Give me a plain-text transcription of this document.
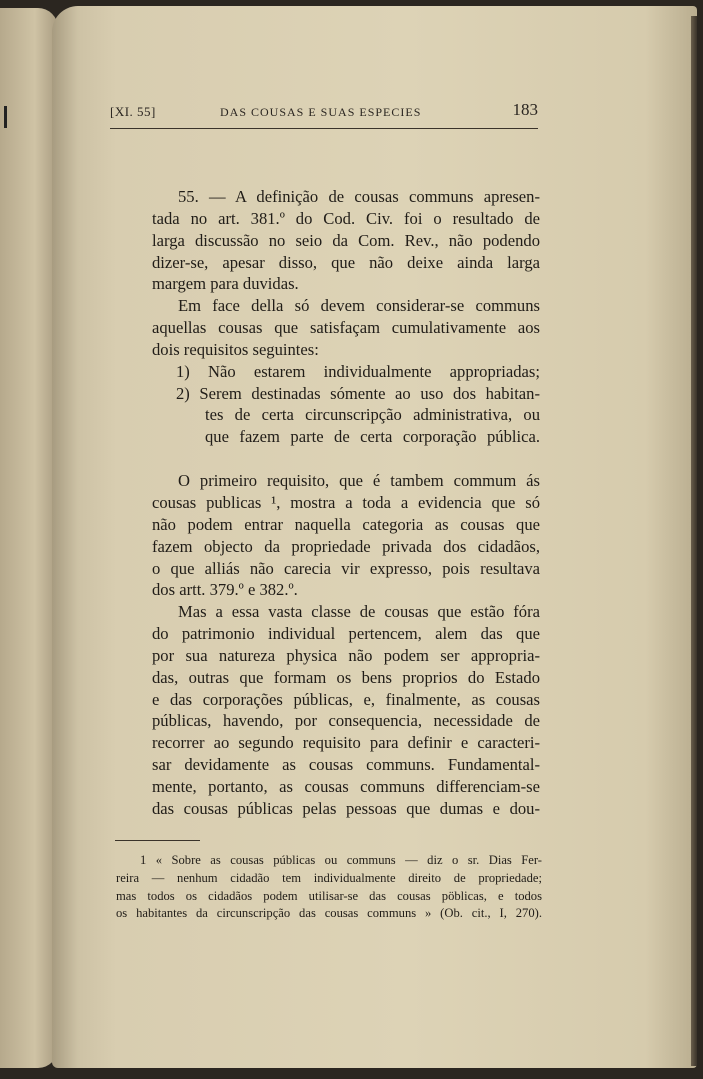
[XI. 55]	DAS COUSAS E SUAS ESPECIES	183
55. — A definição de cousas communs apresen-
tada no art. 381.º do Cod. Civ. foi o resultado de
larga discussão no seio da Com. Rev., não podendo
dizer-se, apesar disso, que não deixe ainda larga
margem para duvidas.
Em face della só devem considerar-se communs
aquellas cousas que satisfaçam cumulativamente aos
dois requisitos seguintes:
1) Não estarem individualmente appropriadas;
2) Serem destinadas sómente ao uso dos habitan-
tes de certa circunscripção administrativa, ou
que fazem parte de certa corporação pública.
O primeiro requisito, que é tambem commum ás
cousas publicas ¹, mostra a toda a evidencia que só
não podem entrar naquella categoria as cousas que
fazem objecto da propriedade privada dos cidadãos,
o que alliás não carecia vir expresso, pois resultava
dos artt. 379.º e 382.º.
Mas a essa vasta classe de cousas que estão fóra
do patrimonio individual pertencem, alem das que
por sua natureza physica não podem ser appropria-
das, outras que formam os bens proprios do Estado
e das corporações públicas, e, finalmente, as cousas
públicas, havendo, por consequencia, necessidade de
recorrer ao segundo requisito para definir e caracteri-
sar devidamente as cousas communs. Fundamental-
mente, portanto, as cousas communs differenciam-se
das cousas públicas pelas pessoas que dumas e dou-
1 « Sobre as cousas públicas ou communs — diz o sr. Dias Fer-
reira — nenhum cidadão tem individualmente direito de propriedade;
mas todos os cidadãos podem utilisar-se das cousas pöblicas, e todos
os habitantes da circunscripção das cousas communs » (Ob. cit., I, 270).
